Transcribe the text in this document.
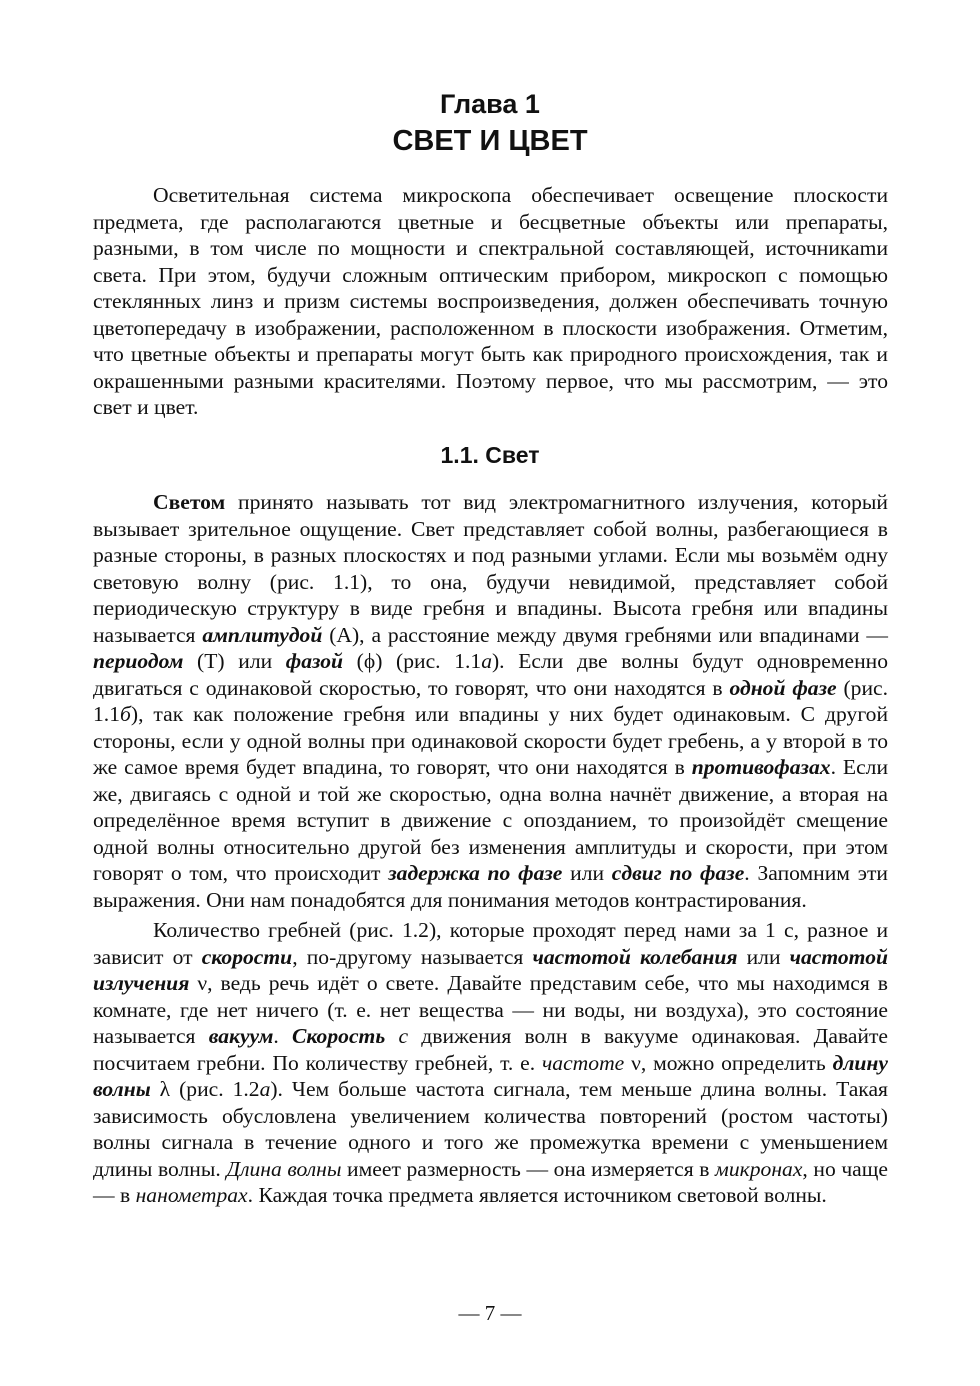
Глава 1
СВЕТ И ЦВЕТ

Осветительная система микроскопа обеспечивает освещение плоскости предмета, где располагаются цветные и бесцветные объекты или препараты, разными, в том числе по мощности и спектральной составляющей, источникаmи света. При этом, будучи сложным оптическим прибором, микроскоп с помощью стеклянных линз и призм системы воспроизведения, должен обеспечивать точную цветопередачу в изображении, расположенном в плоскости изображения. Отметим, что цветные объекты и препараты могут быть как природного происхождения, так и окрашенными разными красителями. Поэтому первое, что мы рассмотрим, — это свет и цвет.

1.1. Свет

Светом принято называть тот вид электромагнитного излучения, который вызывает зрительное ощущение. Свет представляет собой волны, разбегающиеся в разные стороны, в разных плоскостях и под разными углами. Если мы возьмём одну световую волну (рис. 1.1), то она, будучи невидимой, представляет собой периодическую структуру в виде гребня и впадины. Высота гребня или впадины называется амплитудой (А), а расстояние между двумя гребнями или впадинами — периодом (Т) или фазой (ϕ) (рис. 1.1а). Если две волны будут одновременно двигаться с одинаковой скоростью, то говорят, что они находятся в одной фазе (рис. 1.1б), так как положение гребня или впадины у них будет одинаковым. С другой стороны, если у одной волны при одинаковой скорости будет гребень, а у второй в то же самое время будет впадина, то говорят, что они находятся в противофазах. Если же, двигаясь с одной и той же скоростью, одна волна начнёт движение, а вторая на определённое время вступит в движение с опозданием, то произойдёт смещение одной волны относительно другой без изменения амплитуды и скорости, при этом говорят о том, что происходит задержка по фазе или сдвиг по фазе. Запомним эти выражения. Они нам понадобятся для понимания методов контрастирования.

Количество гребней (рис. 1.2), которые проходят перед нами за 1 с, разное и зависит от скорости, по-другому называется частотой колебания или частотой излучения ν, ведь речь идёт о свете. Давайте представим себе, что мы находимся в комнате, где нет ничего (т. е. нет вещества — ни воды, ни воздуха), это состояние называется вакуум. Скорость с движения волн в вакууме одинаковая. Давайте посчитаем гребни. По количеству гребней, т. е. частоте ν, можно определить длину волны λ (рис. 1.2а). Чем больше частота сигнала, тем меньше длина волны. Такая зависимость обусловлена увеличением количества повторений (ростом частоты) волны сигнала в течение одного и того же промежутка времени с уменьшением длины волны. Длина волны имеет размерность — она измеряется в микронах, но чаще — в нанометрах. Каждая точка предмета является источником световой волны.

— 7 —
